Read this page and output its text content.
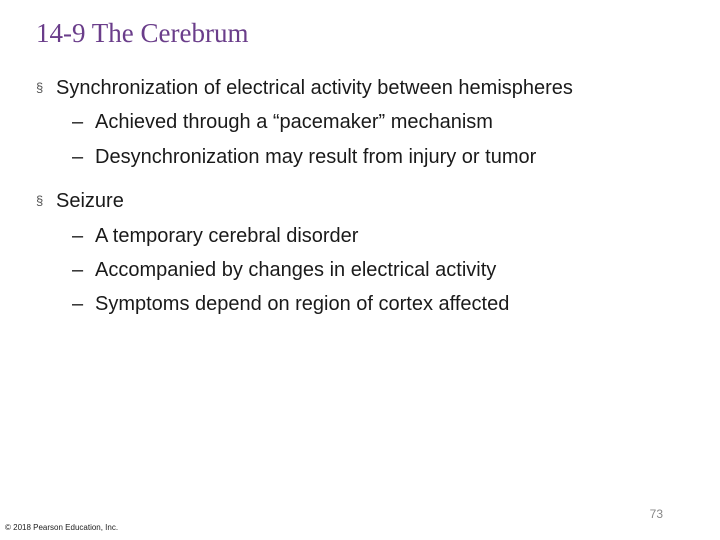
14-9 The Cerebrum
§ Synchronization of electrical activity between hemispheres
– Achieved through a “pacemaker” mechanism
– Desynchronization may result from injury or tumor
§ Seizure
– A temporary cerebral disorder
– Accompanied by changes in electrical activity
– Symptoms depend on region of cortex affected
73
© 2018 Pearson Education, Inc.
